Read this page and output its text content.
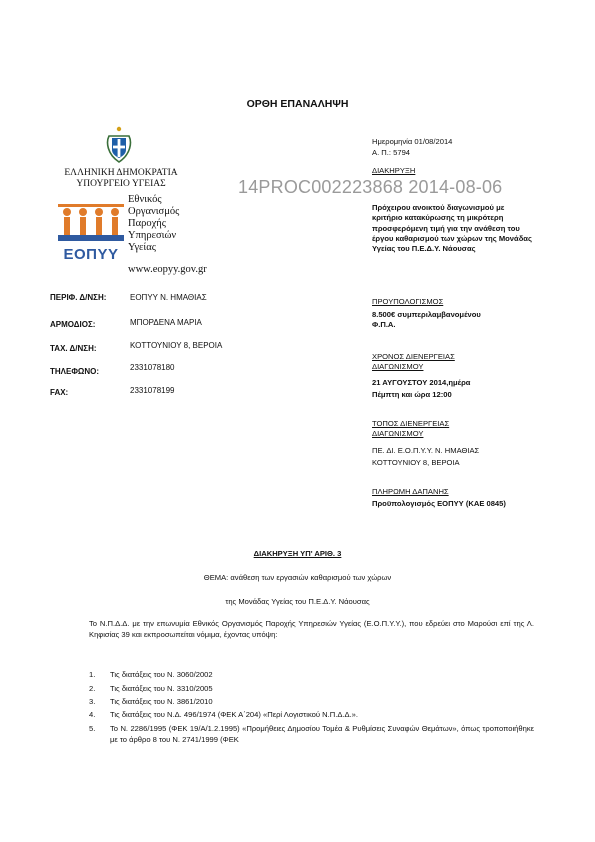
ΟΡΘΗ ΕΠΑΝΑΛΗΨΗ
ΕΛΛΗΝΙΚΗ ΔΗΜΟΚΡΑΤΙΑ
ΥΠΟΥΡΓΕΙΟ ΥΓΕΙΑΣ
ΕΟΠΥΥ
Εθνικός
Οργανισμός
Παροχής
Υπηρεσιών
Υγείας
www.eopyy.gov.gr
ΠΕΡΙΦ. Δ/ΝΣΗ:	ΕΟΠΥΥ Ν. ΗΜΑΘΙΑΣ
ΑΡΜΟΔΙΟΣ:	ΜΠΟΡΔΕΝΑ ΜΑΡΙΑ
ΤΑΧ. Δ/ΝΣΗ:	ΚΟΤΤΟΥΝΙΟΥ 8, ΒΕΡΟΙΑ
ΤΗΛΕΦΩΝΟ:	2331078180
FAX:	2331078199
Ημερομηνία 01/08/2014
Α. Π.: 5794
14PROC002223868 2014-08-06
ΔΙΑΚΗΡΥΞΗ
Πρόχειρου ανοικτού διαγωνισμού με κριτήριο κατακύρωσης τη μικρότερη προσφερόμενη τιμή για την ανάθεση του έργου καθαρισμού των χώρων της Μονάδας Υγείας του Π.Ε.Δ.Υ. Νάουσας
ΠΡΟΥΠΟΛΟΓΙΣΜΟΣ
8.500€ συμπεριλαμβανομένου Φ.Π.Α.
ΧΡΟΝΟΣ ΔΙΕΝΕΡΓΕΙΑΣ ΔΙΑΓΩΝΙΣΜΟΥ
21 ΑΥΓΟΥΣΤΟΥ 2014,ημέρα
Πέμπτη και ώρα 12:00
ΤΟΠΟΣ ΔΙΕΝΕΡΓΕΙΑΣ ΔΙΑΓΩΝΙΣΜΟΥ
ΠΕ. ΔΙ. Ε.Ο.Π.Υ.Υ. Ν. ΗΜΑΘΙΑΣ
ΚΟΤΤΟΥΝΙΟΥ 8, ΒΕΡΟΙΑ
ΠΛΗΡΩΜΗ ΔΑΠΑΝΗΣ
Προϋπολογισμός ΕΟΠΥΥ (ΚΑΕ 0845)
ΔΙΑΚΗΡΥΞΗ ΥΠ' ΑΡΙΘ. 3
ΘΕΜΑ: ανάθεση των εργασιών καθαρισμού των χώρων
της Μονάδας Υγείας του Π.Ε.Δ.Υ. Νάουσας
Το Ν.Π.Δ.Δ. με την επωνυμία Εθνικός Οργανισμός Παροχής Υπηρεσιών Υγείας (Ε.Ο.Π.Υ.Υ.), που εδρεύει στο Μαρούσι επί της Λ. Κηφισίας 39 και εκπροσωπείται νόμιμα, έχοντας υπόψη:
1. Τις διατάξεις του Ν. 3060/2002
2. Τις διατάξεις του Ν. 3310/2005
3. Τις διατάξεις του Ν. 3861/2010
4. Τις διατάξεις του Ν.Δ. 496/1974 (ΦΕΚ Α΄204) «Περί Λογιστικού Ν.Π.Δ.Δ.».
5. Το Ν. 2286/1995 (ΦΕΚ 19/Α/1.2.1995) «Προμήθειες Δημοσίου Τομέα & Ρυθμίσεις Συναφών Θεμάτων», όπως τροποποιήθηκε με το άρθρο 8 του Ν. 2741/1999 (ΦΕΚ
